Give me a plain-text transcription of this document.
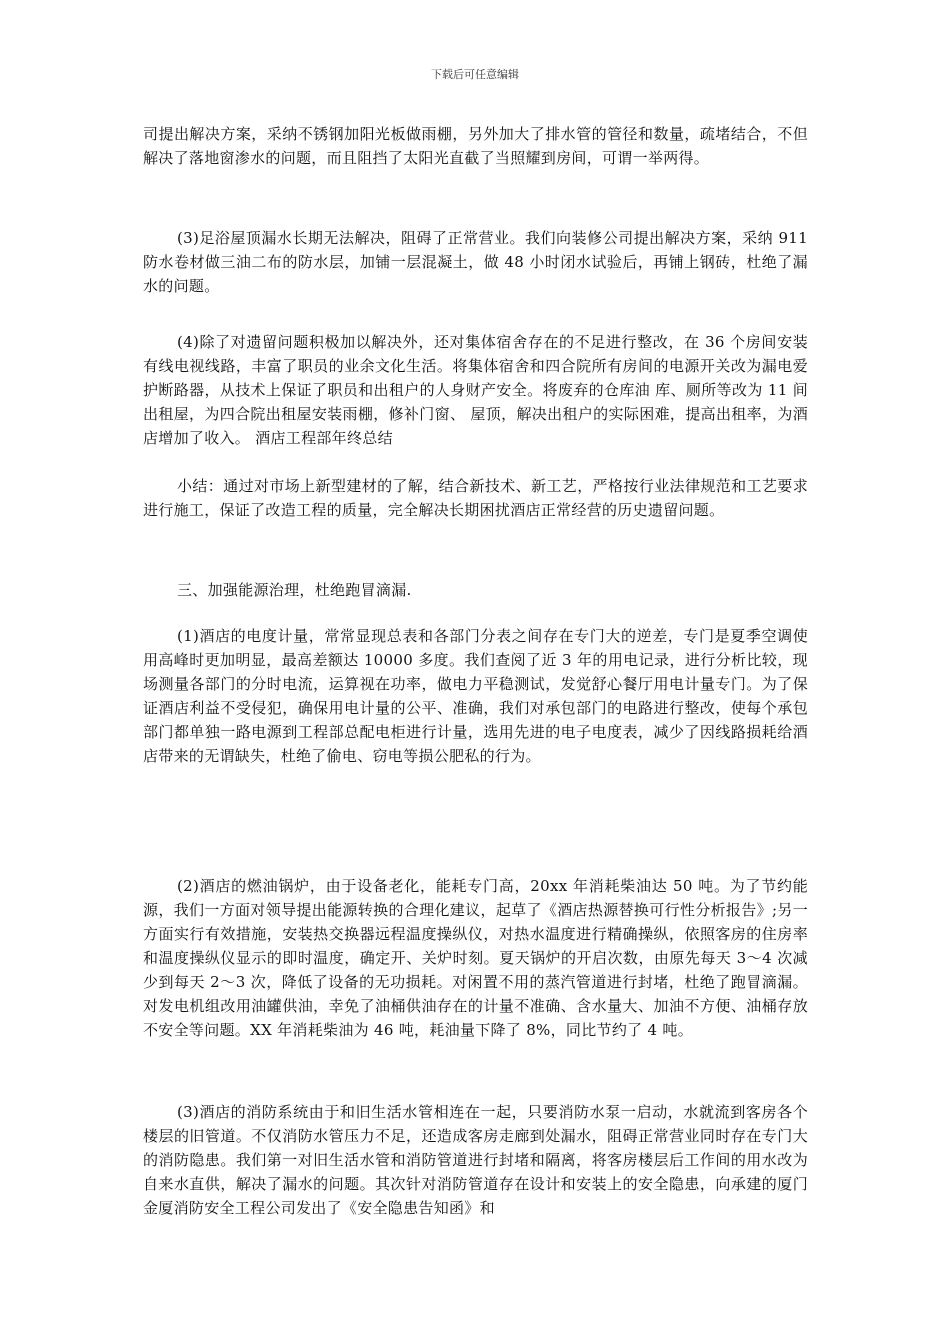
下载后可任意编辑

司提出解决方案，采纳不锈钢加阳光板做雨棚，另外加大了排水管的管径和数量，疏堵结合，不但解决了落地窗渗水的问题，而且阻挡了太阳光直截了当照耀到房间，可谓一举两得。

(3)足浴屋顶漏水长期无法解决，阻碍了正常营业。我们向装修公司提出解决方案，采纳 911 防水卷材做三油二布的防水层，加铺一层混凝土，做 48 小时闭水试验后，再铺上钢砖，杜绝了漏水的问题。

(4)除了对遗留问题积极加以解决外，还对集体宿舍存在的不足进行整改，在 36 个房间安装有线电视线路，丰富了职员的业余文化生活。将集体宿舍和四合院所有房间的电源开关改为漏电爱护断路器，从技术上保证了职员和出租户的人身财产安全。将废弃的仓库油 库、厕所等改为 11 间出租屋，为四合院出租屋安装雨棚，修补门窗、 屋顶，解决出租户的实际困难，提高出租率，为酒店增加了收入。 酒店工程部年终总结

小结：通过对市场上新型建材的了解，结合新技术、新工艺，严格按行业法律规范和工艺要求进行施工，保证了改造工程的质量，完全解决长期困扰酒店正常经营的历史遗留问题。

三、加强能源治理，杜绝跑冒滴漏.

(1)酒店的电度计量，常常显现总表和各部门分表之间存在专门大的逆差，专门是夏季空调使用高峰时更加明显，最高差额达 10000 多度。我们查阅了近 3 年的用电记录，进行分析比较，现场测量各部门的分时电流，运算视在功率，做电力平稳测试，发觉舒心餐厅用电计量专门。为了保证酒店利益不受侵犯，确保用电计量的公平、准确，我们对承包部门的电路进行整改，使每个承包部门都单独一路电源到工程部总配电柜进行计量，选用先进的电子电度表，减少了因线路损耗给酒店带来的无谓缺失，杜绝了偷电、窃电等损公肥私的行为。

(2)酒店的燃油锅炉，由于设备老化，能耗专门高，20xx 年消耗柴油达 50 吨。为了节约能源，我们一方面对领导提出能源转换的合理化建议，起草了《酒店热源替换可行性分析报告》;另一方面实行有效措施，安装热交换器远程温度操纵仪，对热水温度进行精确操纵，依照客房的住房率和温度操纵仪显示的即时温度，确定开、关炉时刻。夏天锅炉的开启次数，由原先每天 3～4 次减少到每天 2～3 次，降低了设备的无功损耗。对闲置不用的蒸汽管道进行封堵，杜绝了跑冒滴漏。对发电机组改用油罐供油，幸免了油桶供油存在的计量不准确、含水量大、加油不方便、油桶存放不安全等问题。XX 年消耗柴油为 46 吨，耗油量下降了 8%，同比节约了 4 吨。

(3)酒店的消防系统由于和旧生活水管相连在一起，只要消防水泵一启动，水就流到客房各个楼层的旧管道。不仅消防水管压力不足，还造成客房走廊到处漏水，阻碍正常营业同时存在专门大的消防隐患。我们第一对旧生活水管和消防管道进行封堵和隔离，将客房楼层后工作间的用水改为自来水直供，解决了漏水的问题。其次针对消防管道存在设计和安装上的安全隐患，向承建的厦门金厦消防安全工程公司发出了《安全隐患告知函》和
